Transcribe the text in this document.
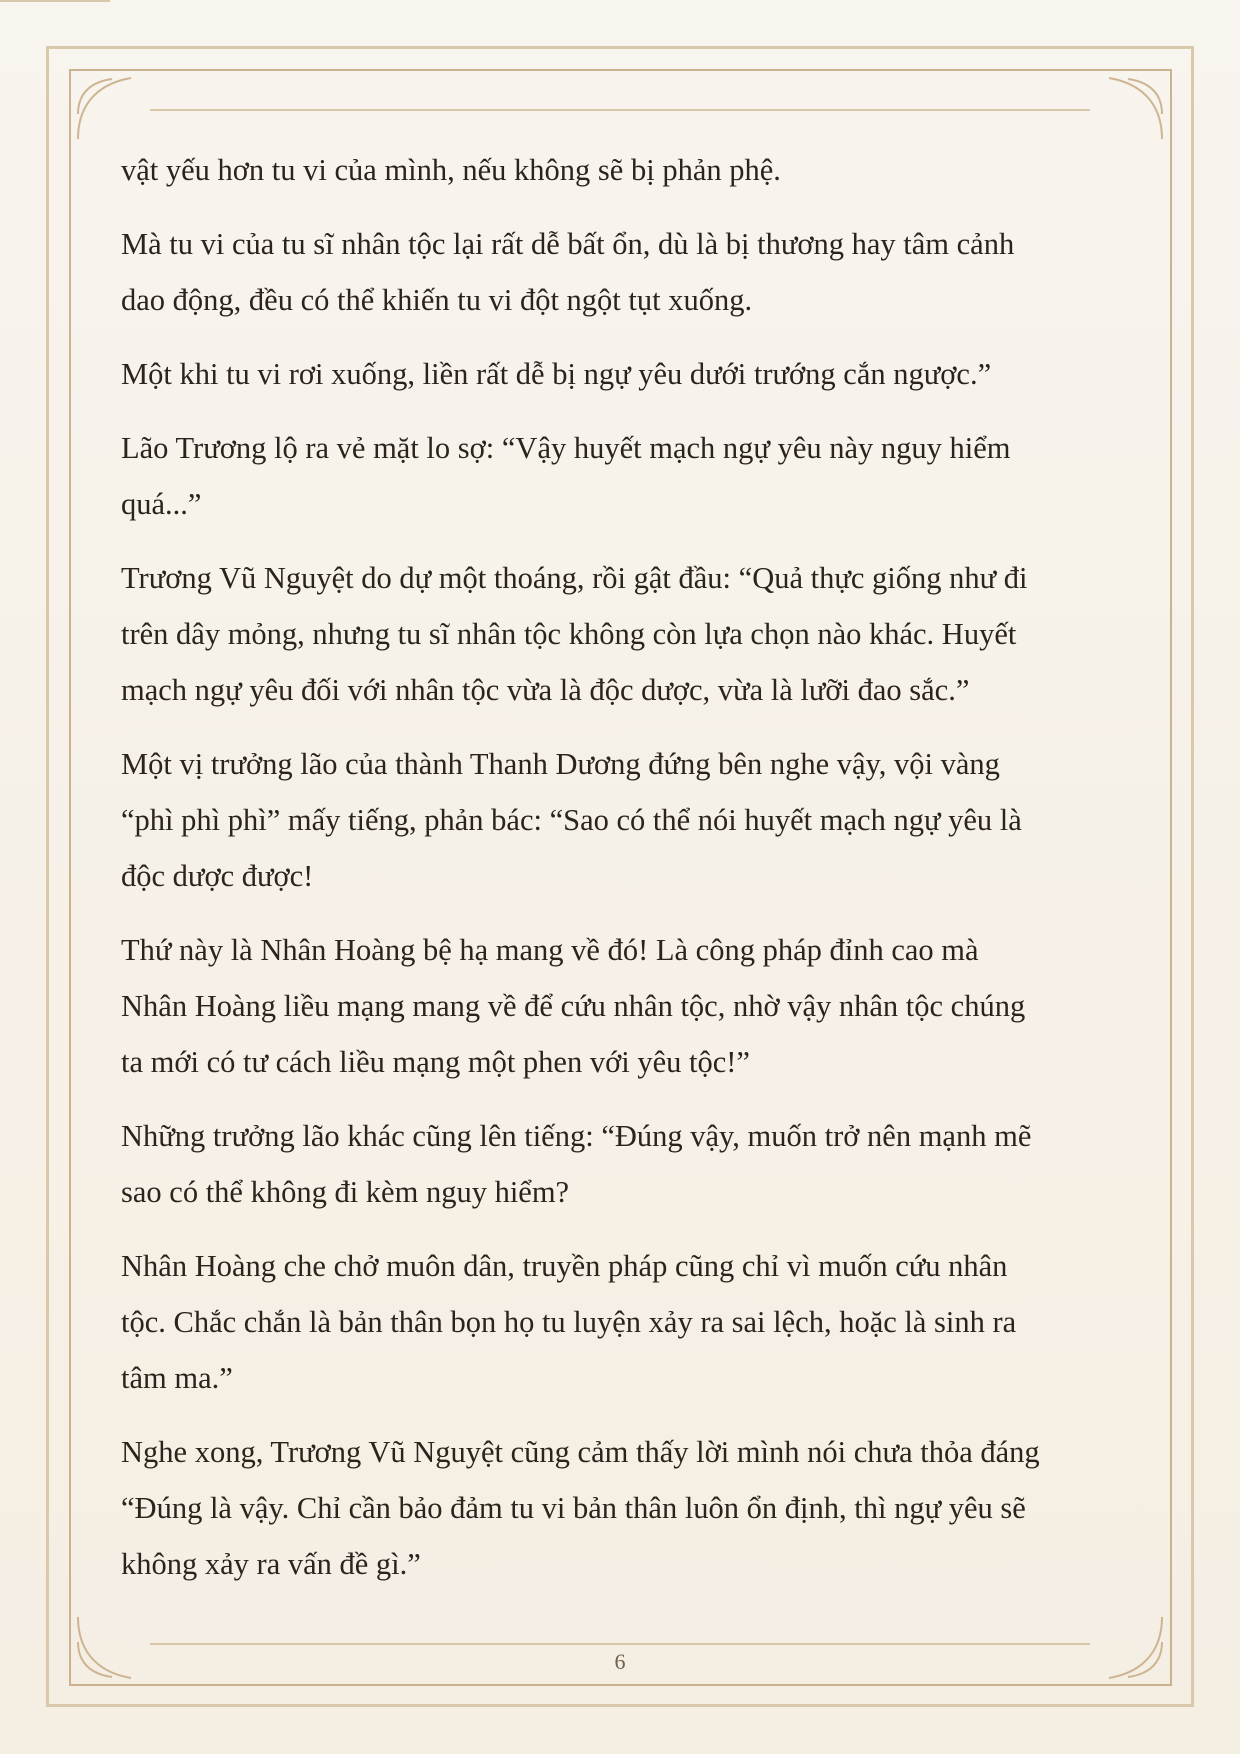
vật yếu hơn tu vi của mình, nếu không sẽ bị phản phệ.

Mà tu vi của tu sĩ nhân tộc lại rất dễ bất ổn, dù là bị thương hay tâm cảnh
dao động, đều có thể khiến tu vi đột ngột tụt xuống.

Một khi tu vi rơi xuống, liền rất dễ bị ngự yêu dưới trướng cắn ngược.”

Lão Trương lộ ra vẻ mặt lo sợ: “Vậy huyết mạch ngự yêu này nguy hiểm
quá...”

Trương Vũ Nguyệt do dự một thoáng, rồi gật đầu: “Quả thực giống như đi
trên dây mỏng, nhưng tu sĩ nhân tộc không còn lựa chọn nào khác. Huyết
mạch ngự yêu đối với nhân tộc vừa là độc dược, vừa là lưỡi đao sắc.”

Một vị trưởng lão của thành Thanh Dương đứng bên nghe vậy, vội vàng
“phì phì phì” mấy tiếng, phản bác: “Sao có thể nói huyết mạch ngự yêu là
độc dược được!

Thứ này là Nhân Hoàng bệ hạ mang về đó! Là công pháp đỉnh cao mà
Nhân Hoàng liều mạng mang về để cứu nhân tộc, nhờ vậy nhân tộc chúng
ta mới có tư cách liều mạng một phen với yêu tộc!”

Những trưởng lão khác cũng lên tiếng: “Đúng vậy, muốn trở nên mạnh mẽ
sao có thể không đi kèm nguy hiểm?

Nhân Hoàng che chở muôn dân, truyền pháp cũng chỉ vì muốn cứu nhân
tộc. Chắc chắn là bản thân bọn họ tu luyện xảy ra sai lệch, hoặc là sinh ra
tâm ma.”

Nghe xong, Trương Vũ Nguyệt cũng cảm thấy lời mình nói chưa thỏa đáng
“Đúng là vậy. Chỉ cần bảo đảm tu vi bản thân luôn ổn định, thì ngự yêu sẽ
không xảy ra vấn đề gì.”

6
